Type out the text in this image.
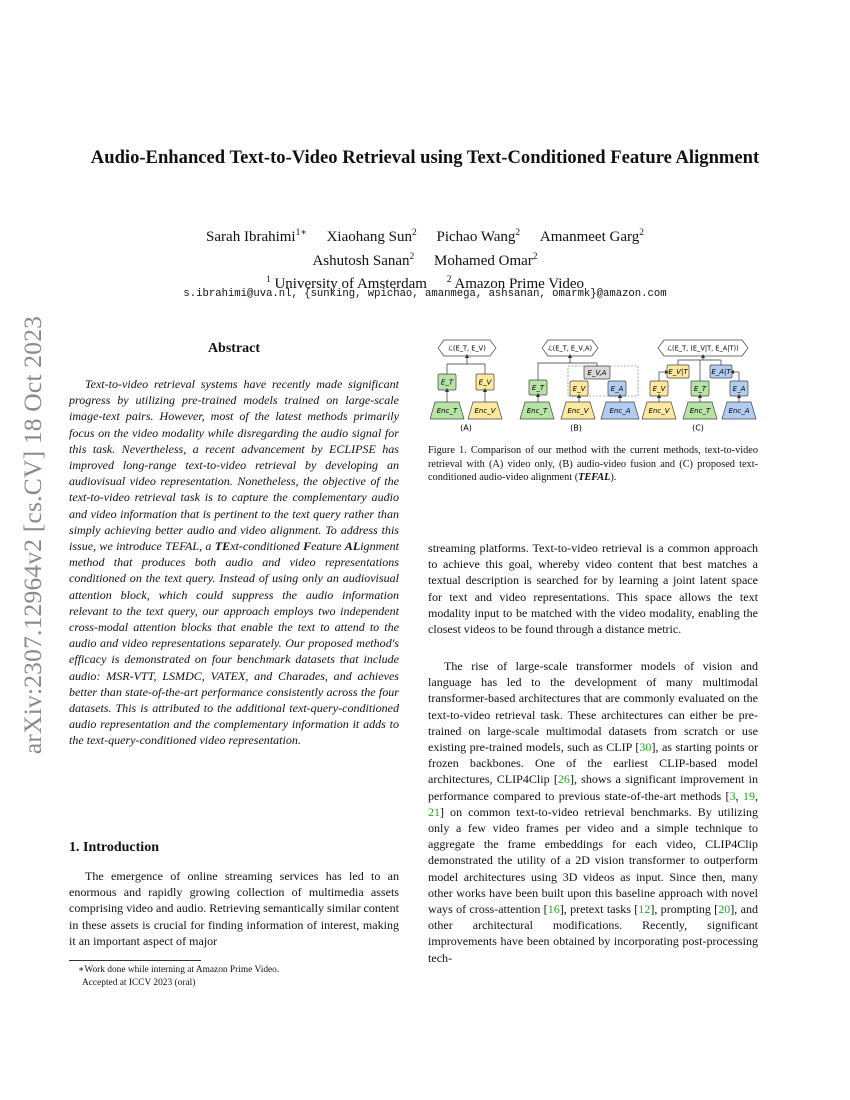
arXiv:2307.12964v2 [cs.CV] 18 Oct 2023
Audio-Enhanced Text-to-Video Retrieval using Text-Conditioned Feature Alignment
Sarah Ibrahimi$^{1∗}$ Xiaohang Sun$^2$ Pichao Wang$^2$ Amanmeet Garg$^2$
Ashutosh Sanan$^2$ Mohamed Omar$^2$
$^1$ University of Amsterdam $^2$ Amazon Prime Video
s.ibrahimi@uva.nl, {sunking, wpichao, amanmega, ashsanan, omarmk}@amazon.com
Abstract

Text-to-video retrieval systems have recently made significant progress by utilizing pre-trained models trained on large-scale image-text pairs. However, most of the latest methods primarily focus on the video modality while disregarding the audio signal for this task. Nevertheless, a recent advancement by ECLIPSE has improved long-range text-to-video retrieval by developing an audiovisual video representation. Nonetheless, the objective of the text-to-video retrieval task is to capture the complementary audio and video information that is pertinent to the text query rather than simply achieving better audio and video alignment. To address this issue, we introduce TEFAL, a TExt-conditioned Feature ALignment method that produces both audio and video representations conditioned on the text query. Instead of using only an audiovisual attention block, which could suppress the audio information relevant to the text query, our approach employs two independent cross-modal attention blocks that enable the text to attend to the audio and video representations separately. Our proposed method's efficacy is demonstrated on four benchmark datasets that include audio: MSR-VTT, LSMDC, VATEX, and Charades, and achieves better than state-of-the-art performance consistently across the four datasets. This is attributed to the additional text-query-conditioned audio representation and the complementary information it adds to the text-query-conditioned video representation.

1. Introduction

The emergence of online streaming services has led to an enormous and rapidly growing collection of multimedia assets comprising video and audio. Retrieving semantically similar content in these assets is crucial for finding information of interest, making it an important aspect of major

∗Work done while interning at Amazon Prime Video.
Accepted at ICCV 2023 (oral)
ℒ(E_T, E_V)
E_T	E_V
Enc_T Enc_V
(A)
ℒ(E_T, E_V,A)
E_T
E_V,A
E_V	E_A
Enc_T	Enc_V	Enc_A
(B)
ℒ(E_T, (E_V|T, E_A|T))
E_V
E_V|T
E_T
E_A|T
E_A
Enc_V	Enc_T	Enc_A
(C)

Figure 1. Comparison of our method with the current methods, text-to-video retrieval with (A) video only, (B) audio-video fusion and (C) proposed text-conditioned audio-video alignment (TEFAL).

streaming platforms. Text-to-video retrieval is a common approach to achieve this goal, whereby video content that best matches a textual description is searched for by learning a joint latent space for text and video representations. This space allows the text modality input to be matched with the video modality, enabling the closest videos to be found through a distance metric.

The rise of large-scale transformer models of vision and language has led to the development of many multimodal transformer-based architectures that are commonly evaluated on the text-to-video retrieval task. These architectures can either be pre-trained on large-scale multimodal datasets from scratch or use existing pre-trained models, such as CLIP [30], as starting points or frozen backbones. One of the earliest CLIP-based model architectures, CLIP4Clip [26], shows a significant improvement in performance compared to previous state-of-the-art methods [3, 19, 21] on common text-to-video retrieval benchmarks. By utilizing only a few video frames per video and a simple technique to aggregate the frame embeddings for each video, CLIP4Clip demonstrated the utility of a 2D vision transformer to outperform model architectures using 3D videos as input. Since then, many other works have been built upon this baseline approach with novel ways of cross-attention [16], pretext tasks [12], prompting [20], and other architectural modifications. Recently, significant improvements have been obtained by incorporating post-processing tech-
